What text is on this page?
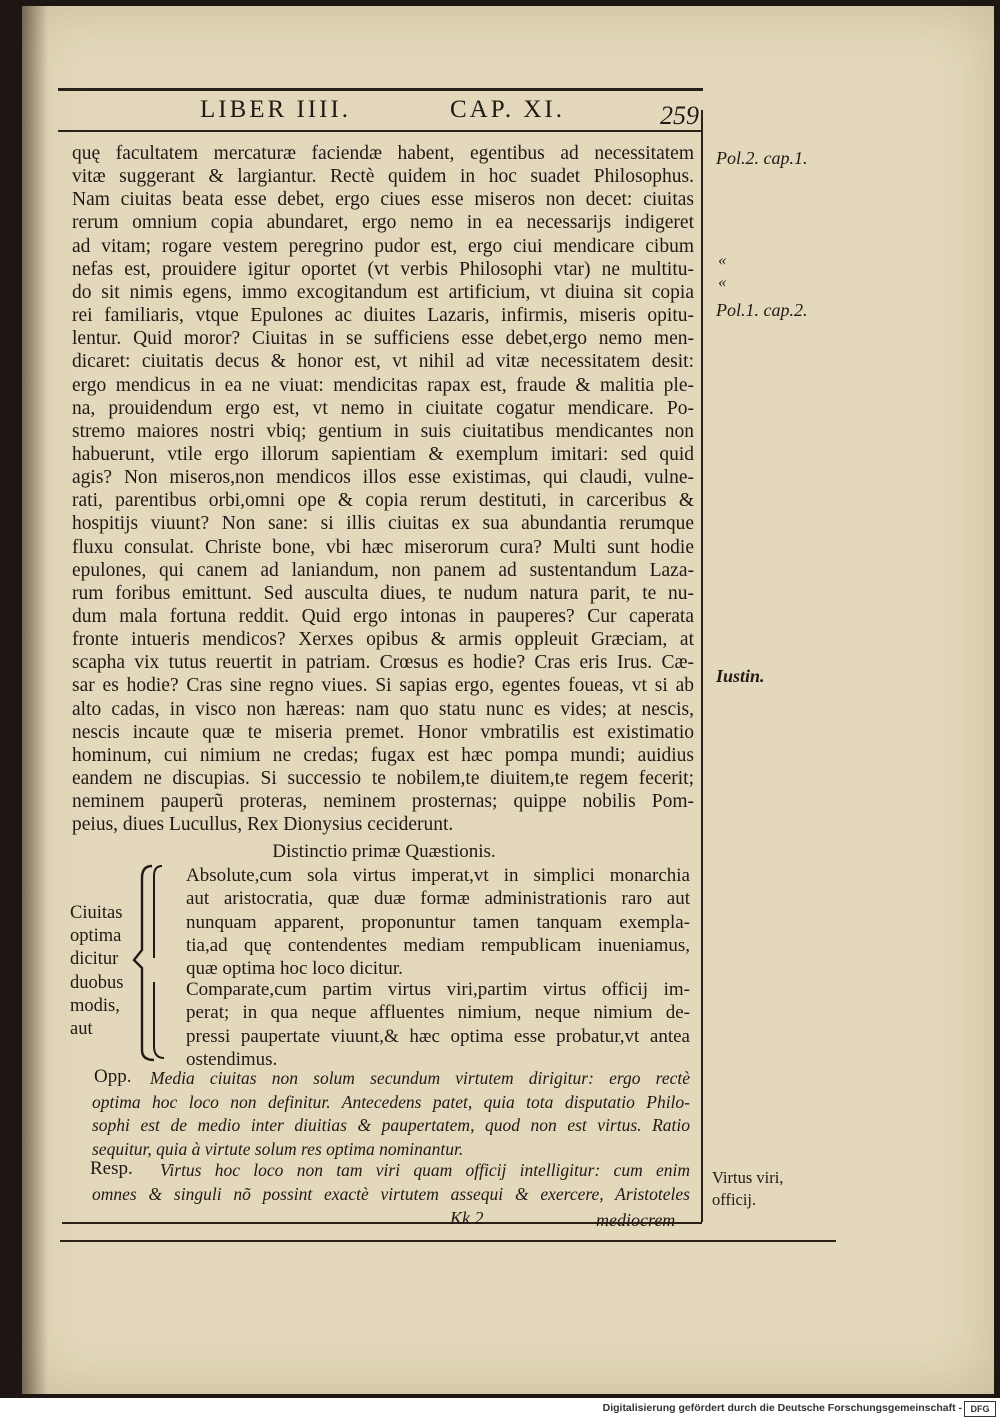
LIBER IIII.	CAP. XI.	259
quę facultatem mercaturæ faciendæ habent, egentibus ad necessitatem
vitæ suggerant & largiantur. Rectè quidem in hoc suadet Philosophus.
Nam ciuitas beata esse debet, ergo ciues esse miseros non decet: ciuitas
rerum omnium copia abundaret, ergo nemo in ea necessarijs indigeret
ad vitam; rogare vestem peregrino pudor est, ergo ciui mendicare cibum
nefas est, prouidere igitur oportet (vt verbis Philosophi vtar) ne multitu-
do sit nimis egens, immo excogitandum est artificium, vt diuina sit copia
rei familiaris, vtque Epulones ac diuites Lazaris, infirmis, miseris opitu-
lentur. Quid moror? Ciuitas in se sufficiens esse debet,ergo nemo men-
dicaret: ciuitatis decus & honor est, vt nihil ad vitæ necessitatem desit:
ergo mendicus in ea ne viuat: mendicitas rapax est, fraude & malitia ple-
na, prouidendum ergo est, vt nemo in ciuitate cogatur mendicare. Po-
stremo maiores nostri vbiq; gentium in suis ciuitatibus mendicantes non
habuerunt, vtile ergo illorum sapientiam & exemplum imitari: sed quid
agis? Non miseros,non mendicos illos esse existimas, qui claudi, vulne-
rati, parentibus orbi,omni ope & copia rerum destituti, in carceribus &
hospitijs viuunt? Non sane: si illis ciuitas ex sua abundantia rerumque
fluxu consulat. Christe bone, vbi hæc miserorum cura? Multi sunt hodie
epulones, qui canem ad laniandum, non panem ad sustentandum Laza-
rum foribus emittunt. Sed ausculta diues, te nudum natura parit, te nu-
dum mala fortuna reddit. Quid ergo intonas in pauperes? Cur caperata
fronte intueris mendicos? Xerxes opibus & armis oppleuit Græciam, at
scapha vix tutus reuertit in patriam. Crœsus es hodie? Cras eris Irus. Cæ-
sar es hodie? Cras sine regno viues. Si sapias ergo, egentes foueas, vt si ab
alto cadas, in visco non hæreas: nam quo statu nunc es vides; at nescis,
nescis incaute quæ te miseria premet. Honor vmbratilis est existimatio
hominum, cui nimium ne credas; fugax est hæc pompa mundi; auidius
eandem ne discupias. Si successio te nobilem,te diuitem,te regem fecerit;
neminem pauperũ proteras, neminem prosternas; quippe nobilis Pom-
peius, diues Lucullus, Rex Dionysius ceciderunt.
Pol.2. cap.1.
«
«
Pol.1. cap.2.
Iustin.
Virtus viri,
officij.
Distinctio primæ Quæstionis.
Ciuitas
optima
dicitur
duobus
modis,
aut
Absolute,cum sola virtus imperat,vt in simplici monarchia
aut aristocratia, quæ duæ formæ administrationis raro aut
nunquam apparent, proponuntur tamen tanquam exempla-
tia,ad quę contendentes mediam rempublicam inueniamus,
quæ optima hoc loco dicitur.
Comparate,cum partim virtus viri,partim virtus officij im-
perat; in qua neque affluentes nimium, neque nimium de-
pressi paupertate viuunt,& hæc optima esse probatur,vt antea
ostendimus.
Opp.
Resp.
Media ciuitas non solum secundum virtutem dirigitur: ergo rectè
optima hoc loco non definitur. Antecedens patet, quia tota disputatio Philo-
sophi est de medio inter diuitias & paupertatem, quod non est virtus. Ratio
sequitur, quia à virtute solum res optima nominantur.
Virtus hoc loco non tam viri quam officij intelligitur: cum enim
omnes & singuli nõ possint exactè virtutem assequi & exercere, Aristoteles
Kk 2	mediocrem
Digitalisierung gefördert durch die Deutsche Forschungsgemeinschaft - DFG
